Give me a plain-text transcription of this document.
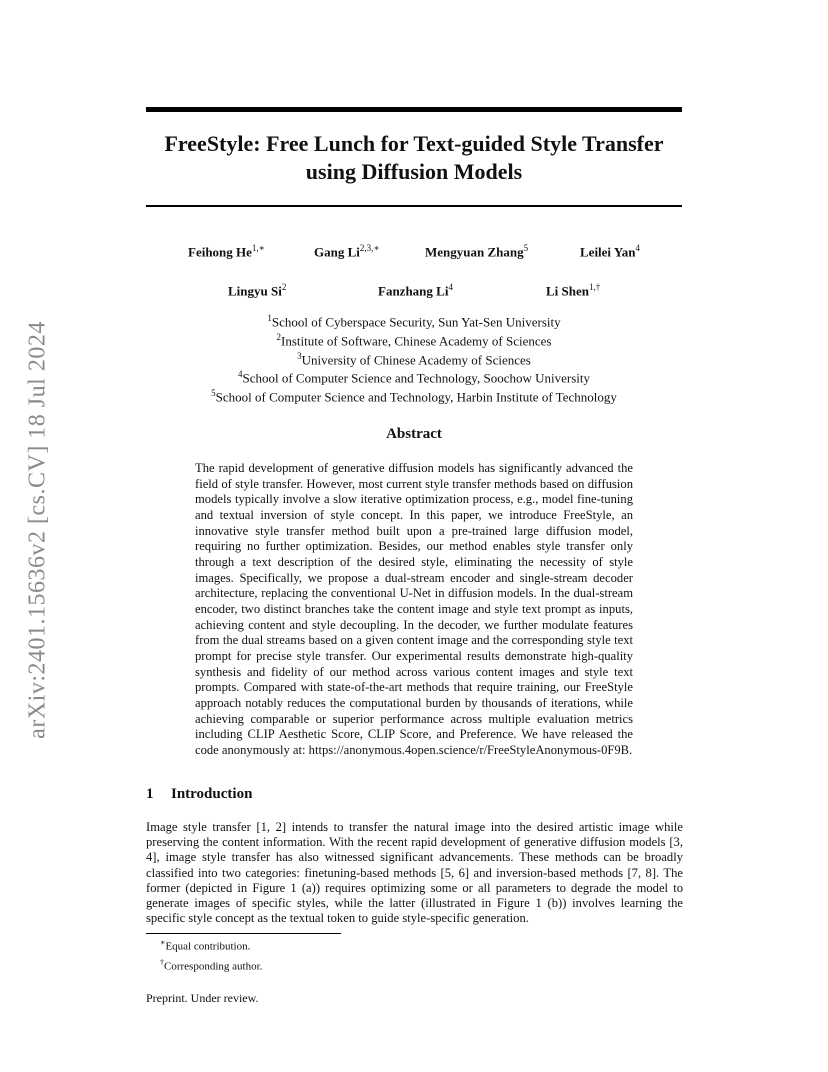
arXiv:2401.15636v2 [cs.CV] 18 Jul 2024
FreeStyle: Free Lunch for Text-guided Style Transfer using Diffusion Models
Feihong $He^{1,∗}$	Gang $Li^{2,3,∗}$	Mengyuan Zhang$^5$	Leilei Yan$^4$
Lingyu Si$^2$	Fanzhang Li$^4$	Li Shen$^{1,\dagger}$
$^1$School of Cyberspace Security, Sun Yat-Sen University
$^2$Institute of Software, Chinese Academy of Sciences
$^3$University of Chinese Academy of Sciences
$^4$School of Computer Science and Technology, Soochow University
$^5$School of Computer Science and Technology, Harbin Institute of Technology
Abstract
The rapid development of generative diffusion models has significantly advanced the field of style transfer. However, most current style transfer methods based on diffusion models typically involve a slow iterative optimization process, e.g., model fine-tuning and textual inversion of style concept. In this paper, we introduce FreeStyle, an innovative style transfer method built upon a pre-trained large diffusion model, requiring no further optimization. Besides, our method enables style transfer only through a text description of the desired style, eliminating the necessity of style images. Specifically, we propose a dual-stream encoder and single-stream decoder architecture, replacing the conventional U-Net in diffusion models. In the dual-stream encoder, two distinct branches take the content image and style text prompt as inputs, achieving content and style decoupling. In the decoder, we further modulate features from the dual streams based on a given content image and the corresponding style text prompt for precise style transfer. Our experimental results demonstrate high-quality synthesis and fidelity of our method across various content images and style text prompts. Compared with state-of-the-art methods that require training, our FreeStyle approach notably reduces the computational burden by thousands of iterations, while achieving comparable or superior performance across multiple evaluation metrics including CLIP Aesthetic Score, CLIP Score, and Preference. We have released the code anonymously at: https://anonymous.4open.science/r/FreeStyleAnonymous-0F9B.
1 Introduction
Image style transfer [1, 2] intends to transfer the natural image into the desired artistic image while preserving the content information. With the recent rapid development of generative diffusion models [3, 4], image style transfer has also witnessed significant advancements. These methods can be broadly classified into two categories: finetuning-based methods [5, 6] and inversion-based methods [7, 8]. The former (depicted in Figure 1 (a)) requires optimizing some or all parameters to degrade the model to generate images of specific styles, while the latter (illustrated in Figure 1 (b)) involves learning the specific style concept as the textual token to guide style-specific generation.
∗Equal contribution.
†Corresponding author.
Preprint. Under review.
